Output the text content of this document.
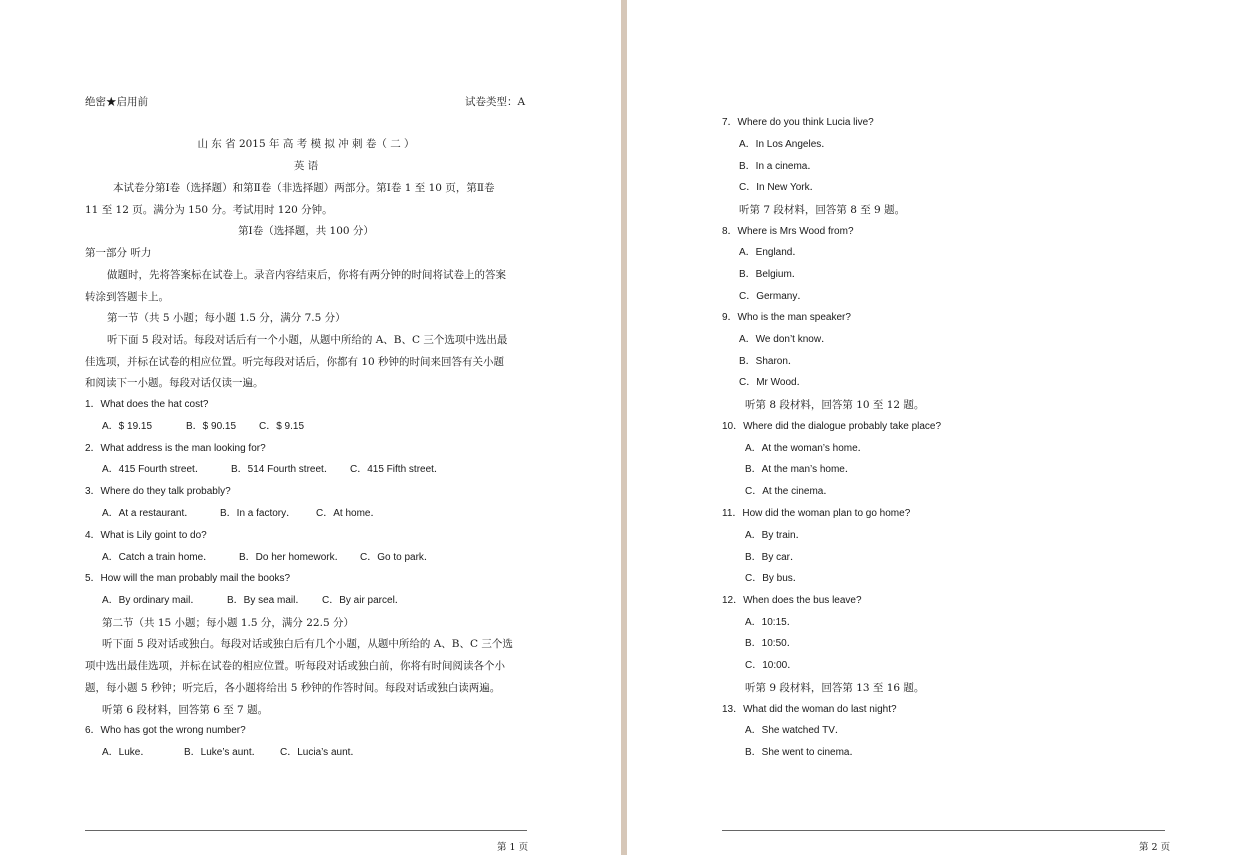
绝密★启用前	试卷类型：A
山 东 省 2015 年 高 考 模 拟 冲 刺 卷（ 二 ）
英 语
本试卷分第Ⅰ卷（选择题）和第Ⅱ卷（非选择题）两部分。第Ⅰ卷 1 至 10 页，第Ⅱ卷
11 至 12 页。满分为 150 分。考试用时 120 分钟。
第Ⅰ卷（选择题，共 100 分）
第一部分 听力
做题时，先将答案标在试卷上。录音内容结束后，你将有两分钟的时间将试卷上的答案
转涂到答题卡上。
第一节（共 5 小题；每小题 1.5 分，满分 7.5 分）
听下面 5 段对话。每段对话后有一个小题，从题中所给的 A、B、C 三个选项中选出最
佳选项，并标在试卷的相应位置。听完每段对话后，你都有 10 秒钟的时间来回答有关小题
和阅读下一小题。每段对话仅读一遍。
1．What does the hat cost?
A．$ 19.15	B．$ 90.15 C．$ 9.15
2．What address is the man looking for?
A．415 Fourth street．	B．514 Fourth street． C．415 Fifth street．
3．Where do they talk probably?
A．At a restaurant．	B．In a factory． C．At home．
4．What is Lily goint to do?
A．Catch a train home．	B．Do her homework． C．Go to park．
5．How will the man probably mail the books?
A．By ordinary mail．	B．By sea mail． C．By air parcel．
第二节（共 15 小题；每小题 1.5 分，满分 22.5 分）
听下面 5 段对话或独白。每段对话或独白后有几个小题，从题中所给的 A、B、C 三个选
项中选出最佳选项，并标在试卷的相应位置。听每段对话或独白前，你将有时间阅读各个小
题，每小题 5 秒钟；听完后，各小题将给出 5 秒钟的作答时间。每段对话或独白读两遍。
听第 6 段材料，回答第 6 至 7 题。
6．Who has got the wrong number?
A．Luke．	B．Luke’s aunt． C．Lucia’s aunt．
第 1 页
7．Where do you think Lucia live?
A．In Los Angeles．
B．In a cinema．
C．In New York．
听第 7 段材料，回答第 8 至 9 题。
8．Where is Mrs Wood from?
A．England．
B．Belgium．
C．Germany．
9．Who is the man speaker?
A．We don’t know．
B．Sharon．
C．Mr Wood．
听第 8 段材料，回答第 10 至 12 题。
10．Where did the dialogue probably take place?
A．At the woman’s home．
B．At the man’s home．
C．At the cinema．
11．How did the woman plan to go home?
A．By train．
B．By car．
C．By bus．
12．When does the bus leave?
A．10:15．
B．10:50．
C．10:00．
听第 9 段材料，回答第 13 至 16 题。
13．What did the woman do last night?
A．She watched TV．
B．She went to cinema．
第 2 页
